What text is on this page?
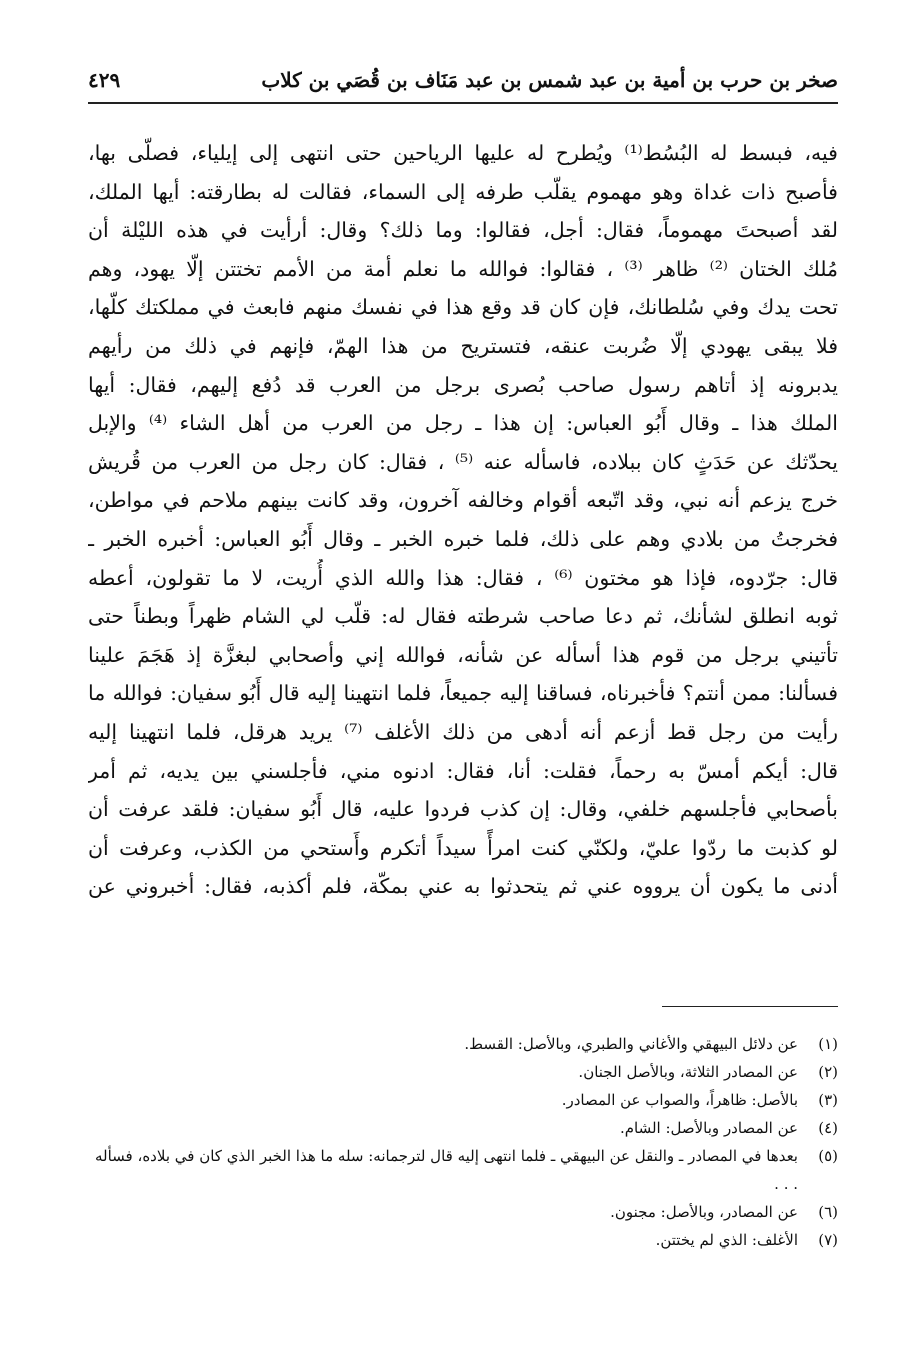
صخر بن حرب بن أمية بن عبد شمس بن عبد مَنَاف بن قُصَي بن كلاب
٤٢٩
فيه، فبسط له البُسُط⁽¹⁾ ويُطرح له عليها الرياحين حتى انتهى إلى إيلياء، فصلّى بها،
فأصبح ذات غداة وهو مهموم يقلّب طرفه إلى السماء، فقالت له بطارقته: أيها الملك،
لقد أصبحتَ مهموماً، فقال: أجل، فقالوا: وما ذلك؟ وقال: أرأيت في هذه الليْلة أن
مُلك الختان ⁽²⁾ ظاهر ⁽³⁾ ، فقالوا: فوالله ما نعلم أمة من الأمم تختتن إلّا يهود، وهم
تحت يدك وفي سُلطانك، فإن كان قد وقع هذا في نفسك منهم فابعث في مملكتك كلّها،
فلا يبقى يهودي إلّا ضُربت عنقه، فتستريح من هذا الهمّ، فإنهم في ذلك من رأيهم
يدبرونه إذ أتاهم رسول صاحب بُصرى برجل من العرب قد دُفع إليهم، فقال: أيها
الملك هذا ـ وقال أَبُو العباس: إن هذا ـ رجل من العرب من أهل الشاء ⁽⁴⁾ والإبل
يحدّثك عن حَدَثٍ كان ببلاده، فاسأله عنه ⁽⁵⁾ ، فقال: كان رجل من العرب من قُريش
خرج يزعم أنه نبي، وقد اتّبعه أقوام وخالفه آخرون، وقد كانت بينهم ملاحم في مواطن،
فخرجتُ من بلادي وهم على ذلك، فلما خبره الخبر ـ وقال أَبُو العباس: أخبره الخبر ـ
قال: جرّدوه، فإذا هو مختون ⁽⁶⁾ ، فقال: هذا والله الذي أُريت، لا ما تقولون، أعطه
ثوبه انطلق لشأنك، ثم دعا صاحب شرطته فقال له: قلّب لي الشام ظهراً وبطناً حتى
تأتيني برجل من قوم هذا أسأله عن شأنه، فوالله إني وأصحابي لبغزَّة إذ هَجَمَ علينا
فسألنا: ممن أنتم؟ فأخبرناه، فساقنا إليه جميعاً، فلما انتهينا إليه قال أَبُو سفيان: فوالله ما
رأيت من رجل قط أزعم أنه أدهى من ذلك الأغلف ⁽⁷⁾ يريد هرقل، فلما انتهينا إليه
قال: أيكم أمسّ به رحماً، فقلت: أنا، فقال: ادنوه مني، فأجلسني بين يديه، ثم أمر
بأصحابي فأجلسهم خلفي، وقال: إن كذب فردوا عليه، قال أَبُو سفيان: فلقد عرفت أن
لو كذبت ما ردّوا عليّ، ولكنّي كنت امرأً سيداً أتكرم وأَستحي من الكذب، وعرفت أن
أدنى ما يكون أن يرووه عني ثم يتحدثوا به عني بمكّة، فلم أكذبه، فقال: أخبروني عن
(١)
عن دلائل البيهقي والأغاني والطبري، وبالأصل: القسط.
(٢)
عن المصادر الثلاثة، وبالأصل الجنان.
(٣)
بالأصل: ظاهراً، والصواب عن المصادر.
(٤)
عن المصادر وبالأصل: الشام.
(٥)
بعدها في المصادر ـ والنقل عن البيهقي ـ فلما انتهى إليه قال لترجمانه: سله ما هذا الخبر الذي كان في بلاده، فسأله . . .
(٦)
عن المصادر، وبالأصل: مجنون.
(٧)
الأغلف: الذي لم يختتن.
